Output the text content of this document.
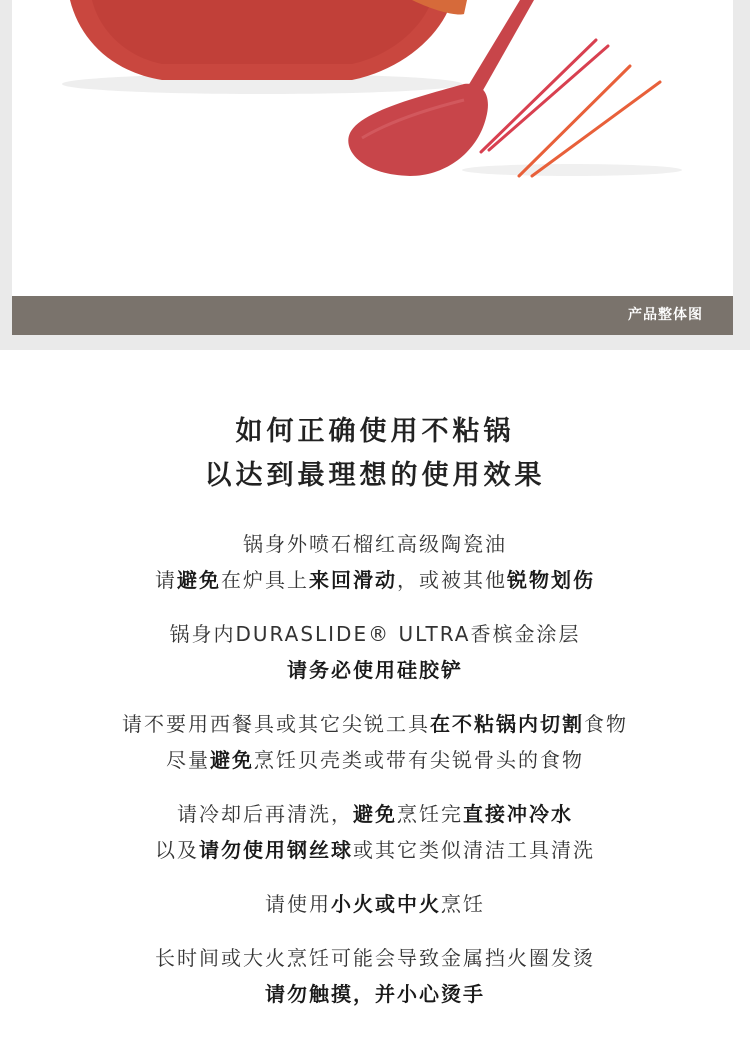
产品整体图
如何正确使用不粘锅
以达到最理想的使用效果
锅身外喷石榴红高级陶瓷油
请避免在炉具上来回滑动，或被其他锐物划伤
锅身内DURASLIDE® ULTRA香槟金涂层
请务必使用硅胶铲
请不要用西餐具或其它尖锐工具在不粘锅内切割食物
尽量避免烹饪贝壳类或带有尖锐骨头的食物
请冷却后再清洗，避免烹饪完直接冲冷水
以及请勿使用钢丝球或其它类似清洁工具清洗
请使用小火或中火烹饪
长时间或大火烹饪可能会导致金属挡火圈发烫
请勿触摸，并小心烫手
